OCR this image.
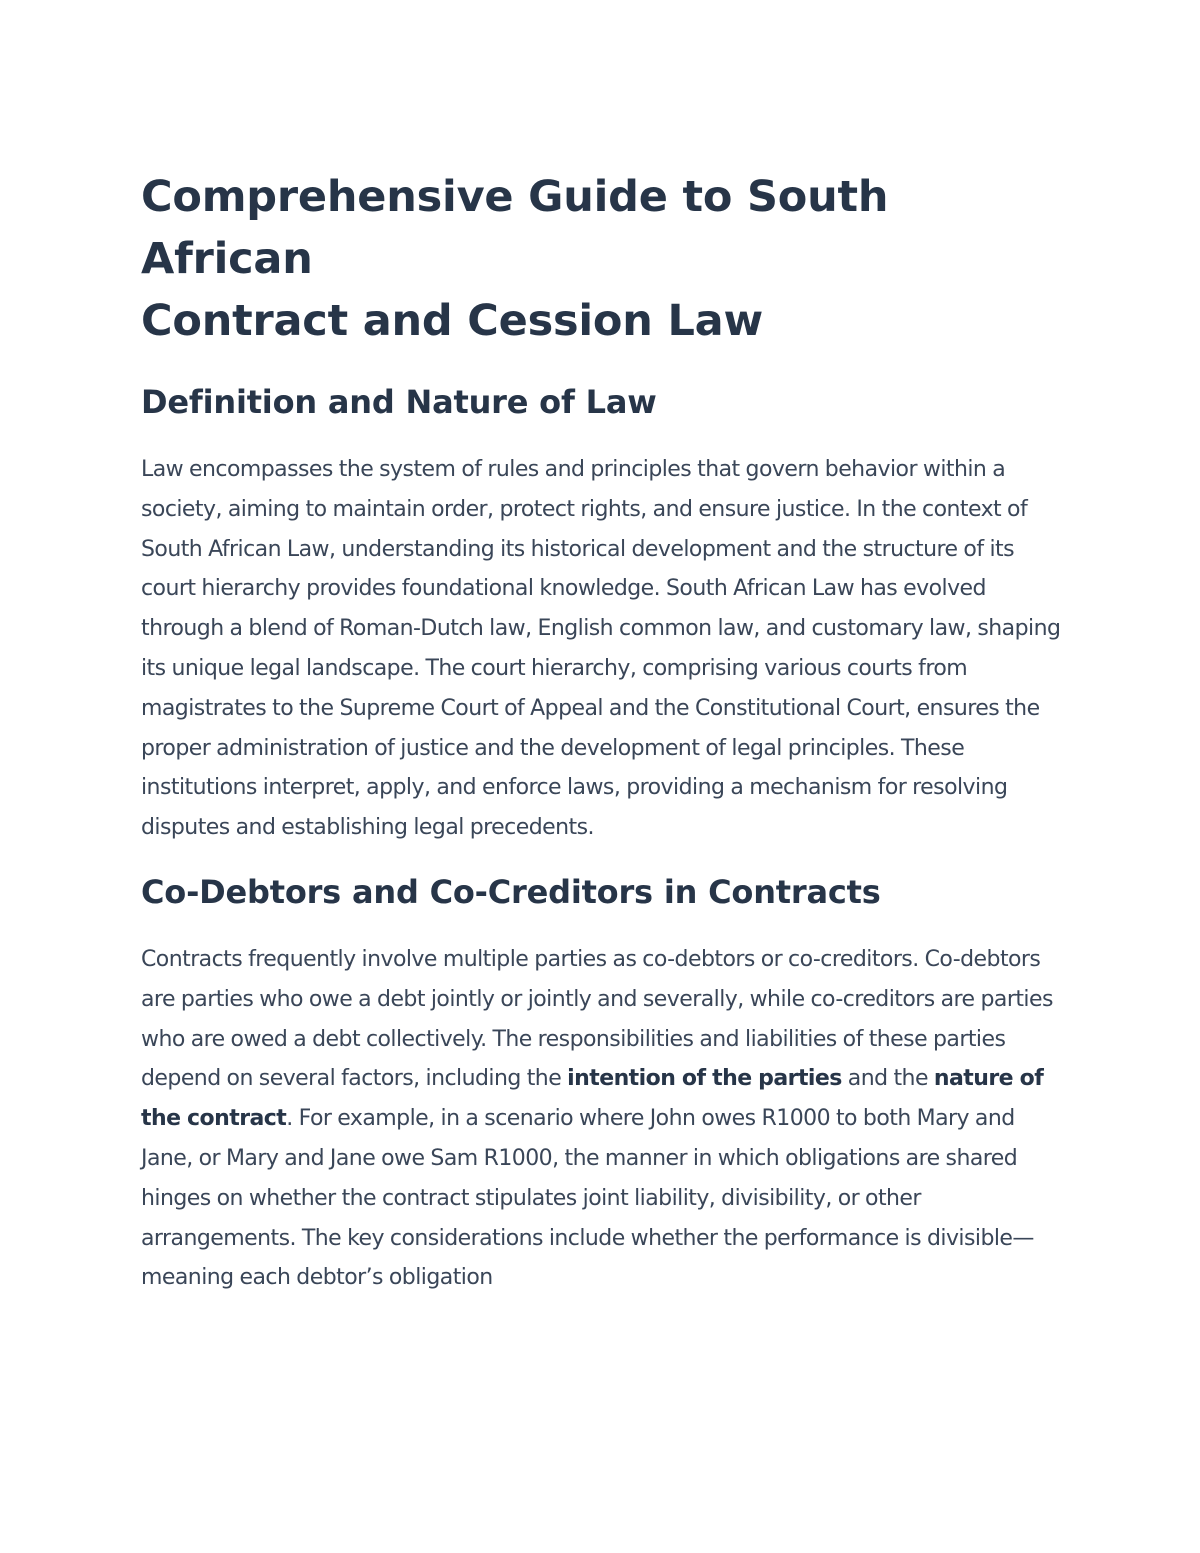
Comprehensive Guide to South African
Contract and Cession Law
Definition and Nature of Law

Law encompasses the system of rules and principles that govern behavior within a society, aiming to maintain order, protect rights, and ensure justice. In the context of South African Law, understanding its historical development and the structure of its court hierarchy provides foundational knowledge. South African Law has evolved through a blend of Roman-Dutch law, English common law, and customary law, shaping its unique legal landscape. The court hierarchy, comprising various courts from magistrates to the Supreme Court of Appeal and the Constitutional Court, ensures the proper administration of justice and the development of legal principles. These institutions interpret, apply, and enforce laws, providing a mechanism for resolving disputes and establishing legal precedents.

Co-Debtors and Co-Creditors in Contracts

Contracts frequently involve multiple parties as co-debtors or co-creditors. Co-debtors are parties who owe a debt jointly or jointly and severally, while co-creditors are parties who are owed a debt collectively. The responsibilities and liabilities of these parties depend on several factors, including the intention of the parties and the nature of the contract. For example, in a scenario where John owes R1000 to both Mary and Jane, or Mary and Jane owe Sam R1000, the manner in which obligations are shared hinges on whether the contract stipulates joint liability, divisibility, or other arrangements. The key considerations include whether the performance is divisible—meaning each debtor’s obligation
